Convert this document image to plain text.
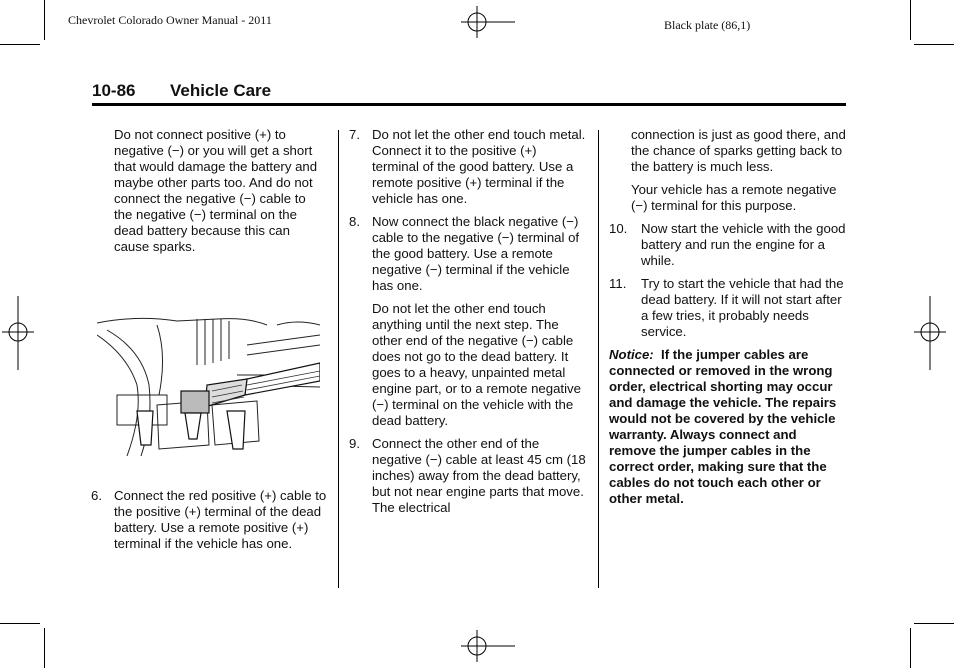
Chevrolet Colorado Owner Manual - 2011	Black plate (86,1)
10-86 Vehicle Care

Do not connect positive (+) to negative (−) or you will get a short that would damage the battery and maybe other parts too. And do not connect the negative (−) cable to the negative (−) terminal on the dead battery because this can cause sparks.

6. Connect the red positive (+) cable to the positive (+) terminal of the dead battery. Use a remote positive (+) terminal if the vehicle has one.
7. Do not let the other end touch metal. Connect it to the positive (+) terminal of the good battery. Use a remote positive (+) terminal if the vehicle has one.
8. Now connect the black negative (−) cable to the negative (−) terminal of the good battery. Use a remote negative (−) terminal if the vehicle has one.

Do not let the other end touch anything until the next step. The other end of the negative (−) cable does not go to the dead battery. It goes to a heavy, unpainted metal engine part, or to a remote negative (−) terminal on the vehicle with the dead battery.

9. Connect the other end of the negative (−) cable at least 45 cm (18 inches) away from the dead battery, but not near engine parts that move. The electrical

connection is just as good there, and the chance of sparks getting back to the battery is much less.

Your vehicle has a remote negative (−) terminal for this purpose.

10. Now start the vehicle with the good battery and run the engine for a while.
11. Try to start the vehicle that had the dead battery. If it will not start after a few tries, it probably needs service.

Notice: If the jumper cables are connected or removed in the wrong order, electrical shorting may occur and damage the vehicle. The repairs would not be covered by the vehicle warranty. Always connect and remove the jumper cables in the correct order, making sure that the cables do not touch each other or other metal.
